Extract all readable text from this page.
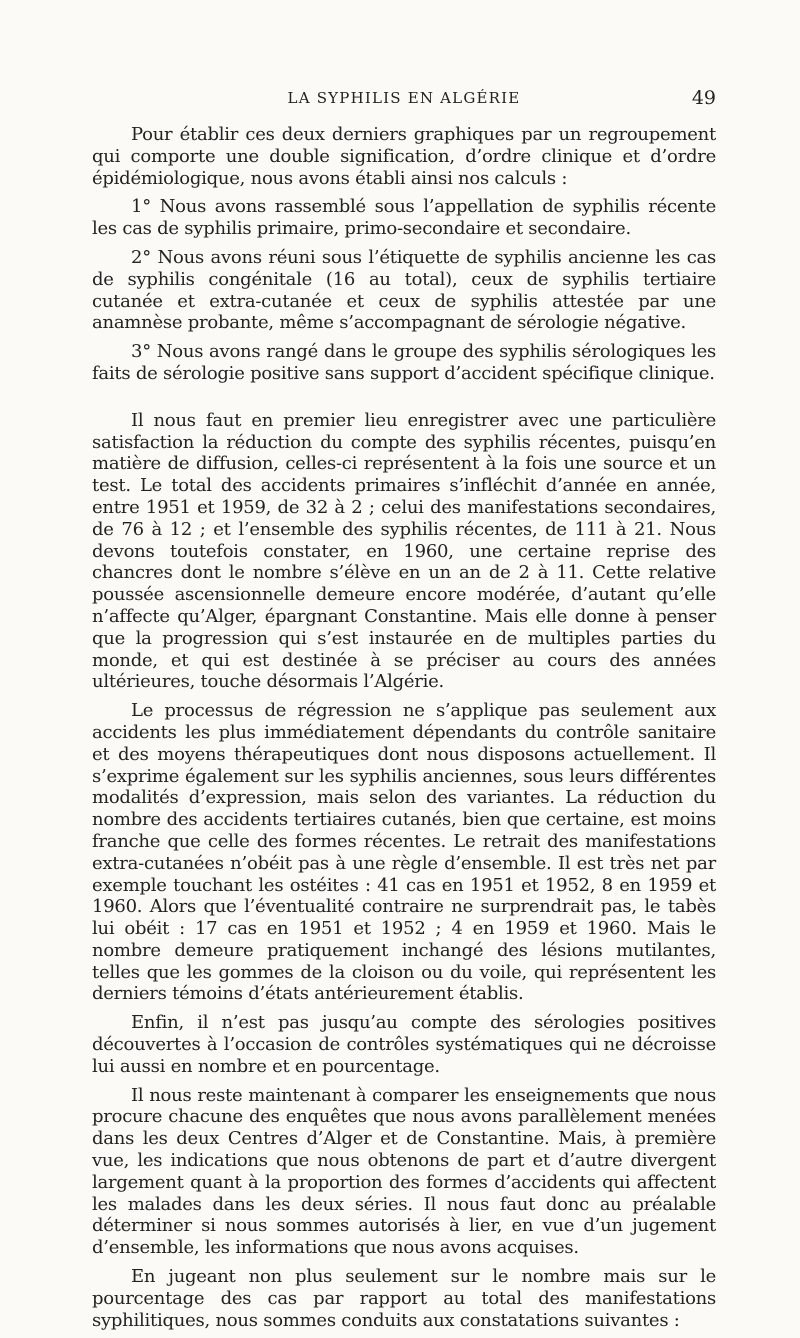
LA SYPHILIS EN ALGÉRIE	49

Pour établir ces deux derniers graphiques par un regroupement qui comporte une double signification, d’ordre clinique et d’ordre épidémiologique, nous avons établi ainsi nos calculs :

1° Nous avons rassemblé sous l’appellation de syphilis récente les cas de syphilis primaire, primo-secondaire et secondaire.

2° Nous avons réuni sous l’étiquette de syphilis ancienne les cas de syphilis congénitale (16 au total), ceux de syphilis tertiaire cutanée et extra-cutanée et ceux de syphilis attestée par une anamnèse probante, même s’accompagnant de sérologie négative.

3° Nous avons rangé dans le groupe des syphilis sérologiques les faits de sérologie positive sans support d’accident spécifique clinique.

Il nous faut en premier lieu enregistrer avec une particulière satisfaction la réduction du compte des syphilis récentes, puisqu’en matière de diffusion, celles-ci représentent à la fois une source et un test. Le total des accidents primaires s’infléchit d’année en année, entre 1951 et 1959, de 32 à 2 ; celui des manifestations secondaires, de 76 à 12 ; et l’ensemble des syphilis récentes, de 111 à 21. Nous devons toutefois constater, en 1960, une certaine reprise des chancres dont le nombre s’élève en un an de 2 à 11. Cette relative poussée ascensionnelle demeure encore modérée, d’autant qu’elle n’affecte qu’Alger, épargnant Constantine. Mais elle donne à penser que la progression qui s’est instaurée en de multiples parties du monde, et qui est destinée à se préciser au cours des années ultérieures, touche désormais l’Algérie.

Le processus de régression ne s’applique pas seulement aux accidents les plus immédiatement dépendants du contrôle sanitaire et des moyens thérapeutiques dont nous disposons actuellement. Il s’exprime également sur les syphilis anciennes, sous leurs différentes modalités d’expression, mais selon des variantes. La réduction du nombre des accidents tertiaires cutanés, bien que certaine, est moins franche que celle des formes récentes. Le retrait des manifestations extra-cutanées n’obéit pas à une règle d’ensemble. Il est très net par exemple touchant les ostéites : 41 cas en 1951 et 1952, 8 en 1959 et 1960. Alors que l’éventualité contraire ne surprendrait pas, le tabès lui obéit : 17 cas en 1951 et 1952 ; 4 en 1959 et 1960. Mais le nombre demeure pratiquement inchangé des lésions mutilantes, telles que les gommes de la cloison ou du voile, qui représentent les derniers témoins d’états antérieurement établis.

Enfin, il n’est pas jusqu’au compte des sérologies positives découvertes à l’occasion de contrôles systématiques qui ne décroisse lui aussi en nombre et en pourcentage.

Il nous reste maintenant à comparer les enseignements que nous procure chacune des enquêtes que nous avons parallèlement menées dans les deux Centres d’Alger et de Constantine. Mais, à première vue, les indications que nous obtenons de part et d’autre divergent largement quant à la proportion des formes d’accidents qui affectent les malades dans les deux séries. Il nous faut donc au préalable déterminer si nous sommes autorisés à lier, en vue d’un jugement d’ensemble, les informations que nous avons acquises.

En jugeant non plus seulement sur le nombre mais sur le pourcentage des cas par rapport au total des manifestations syphilitiques, nous sommes conduits aux constatations suivantes :
